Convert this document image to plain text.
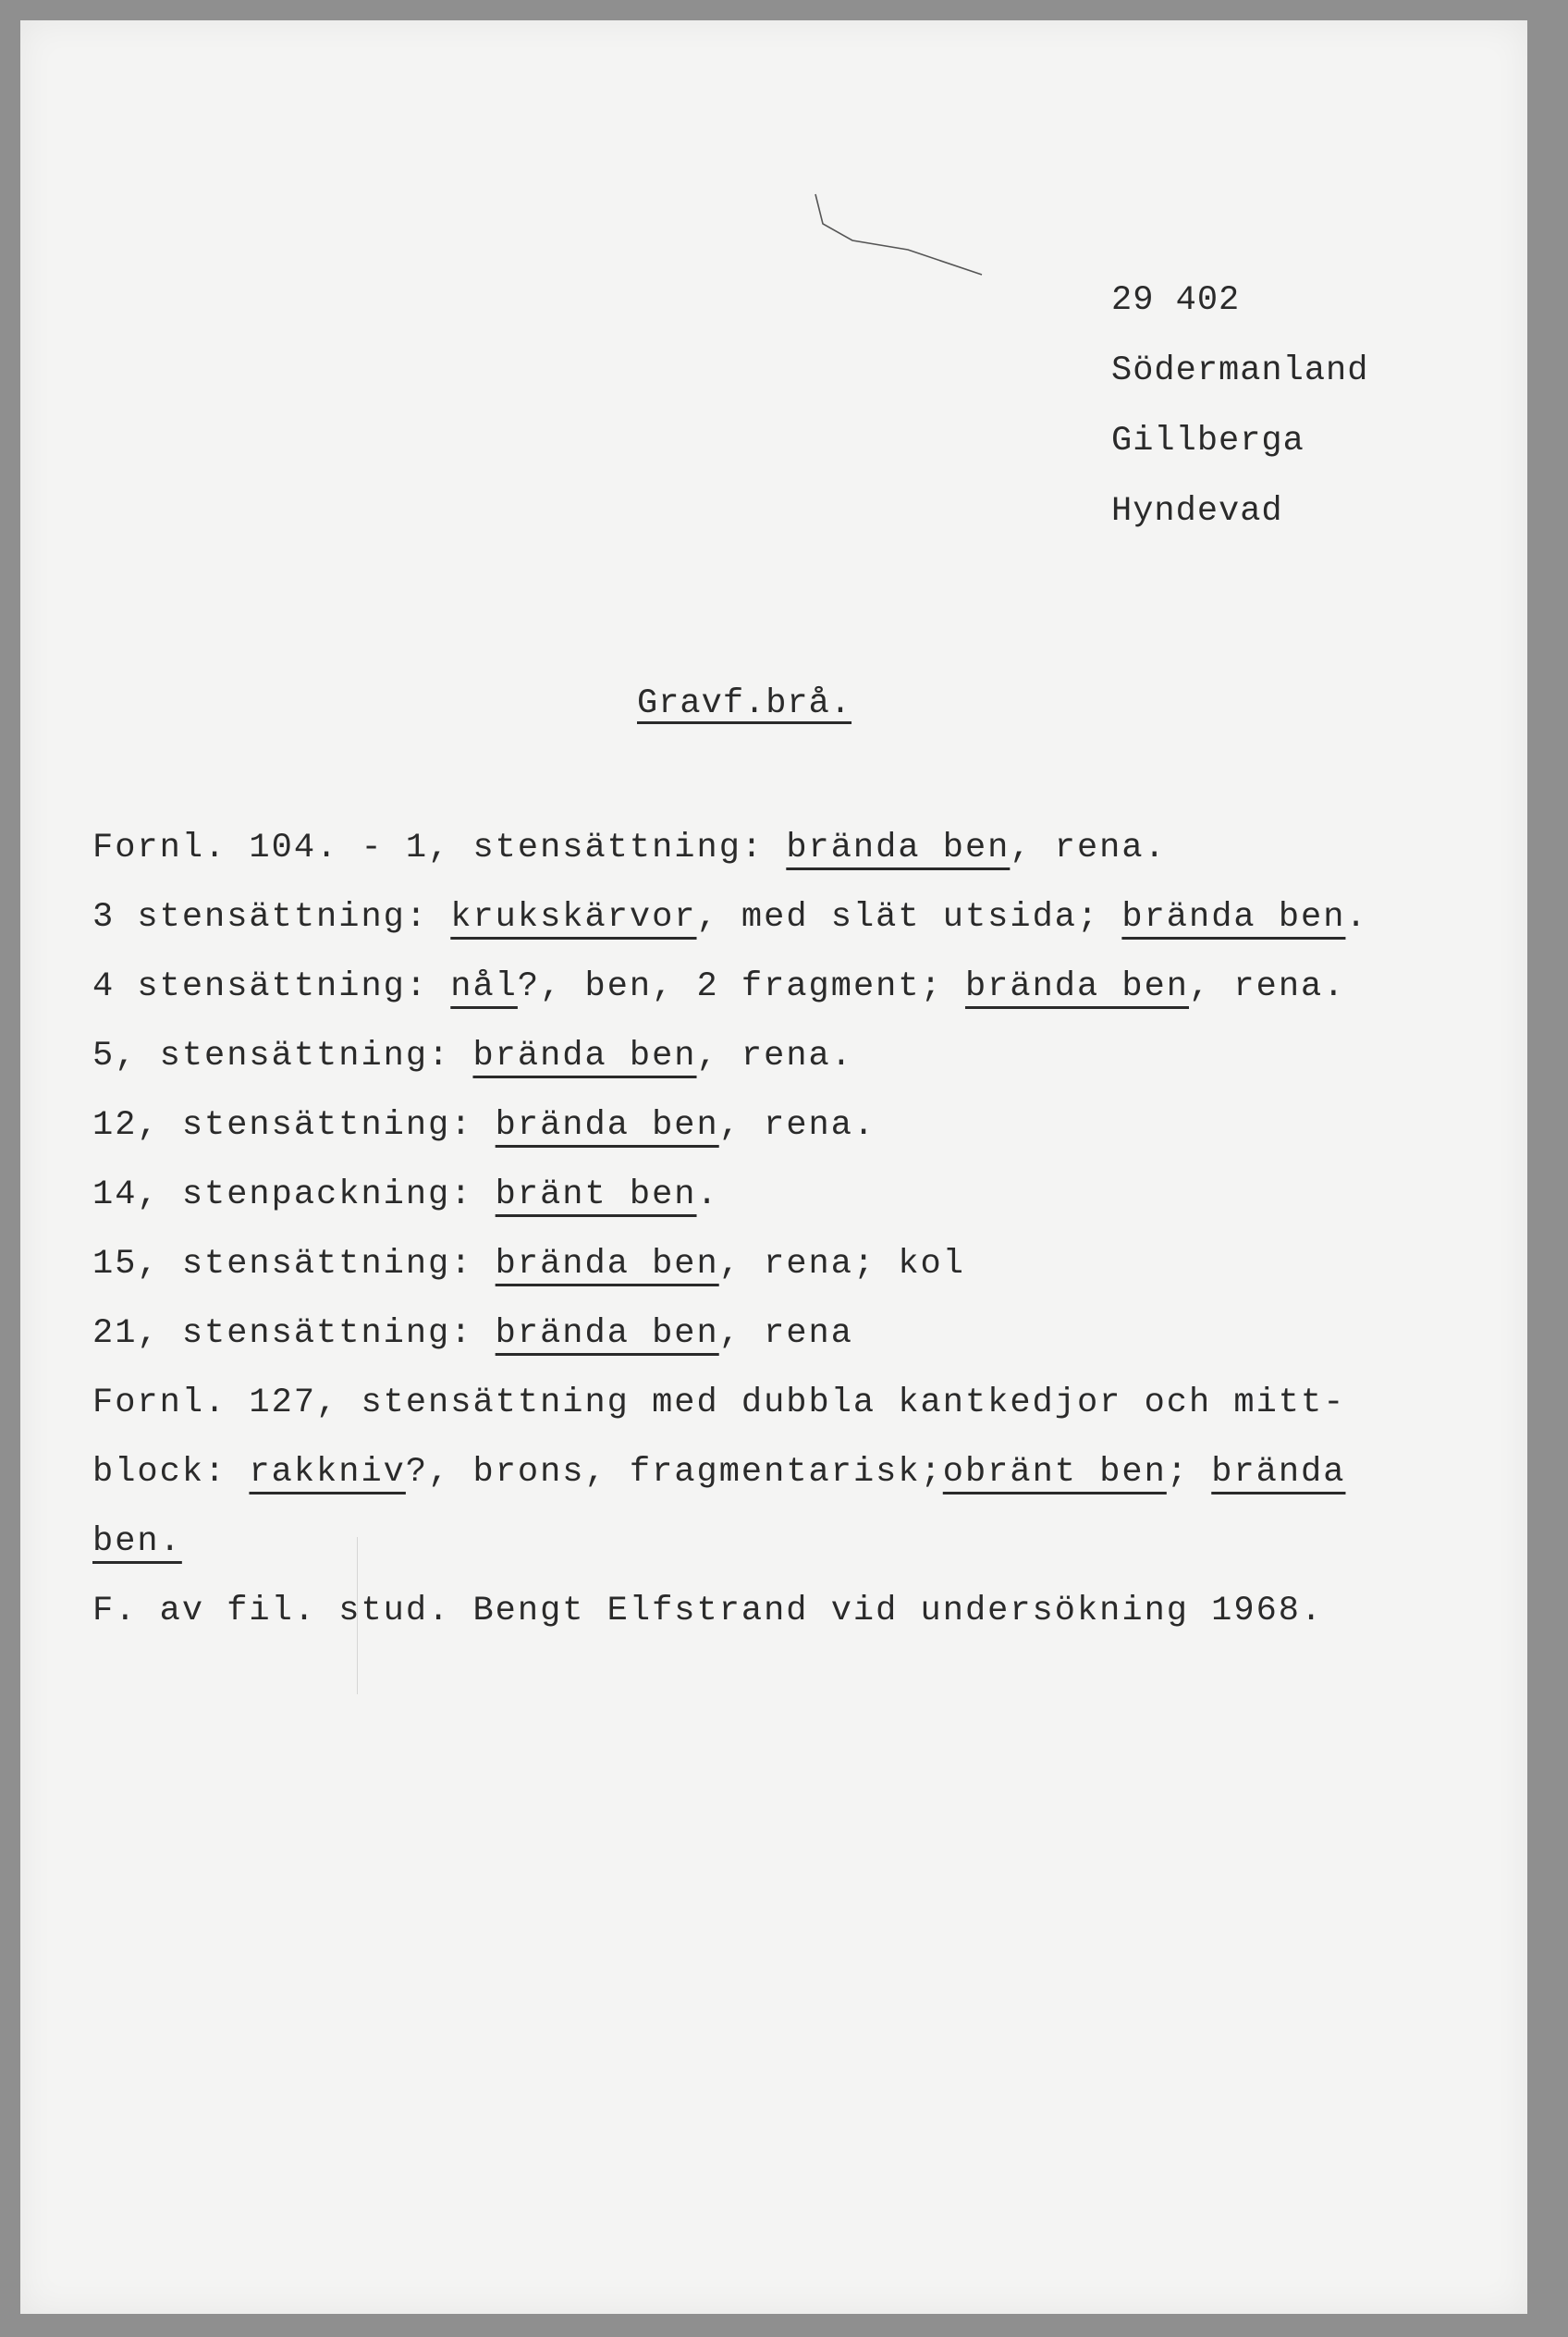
29 402
Södermanland
Gillberga
Hyndevad
Gravf.brå.
Fornl. 104. - 1, stensättning: brända ben, rena.
3 stensättning: krukskärvor, med slät utsida; brända ben.
4 stensättning: nål?, ben, 2 fragment; brända ben, rena.
5, stensättning: brända ben, rena.
12, stensättning: brända ben, rena.
14, stenpackning: bränt ben.
15, stensättning: brända ben, rena; kol
21, stensättning: brända ben, rena
Fornl. 127, stensättning med dubbla kantkedjor och mitt-
block: rakkniv?, brons, fragmentarisk;obränt ben; brända
ben.
F. av fil. stud. Bengt Elfstrand vid undersökning 1968.
